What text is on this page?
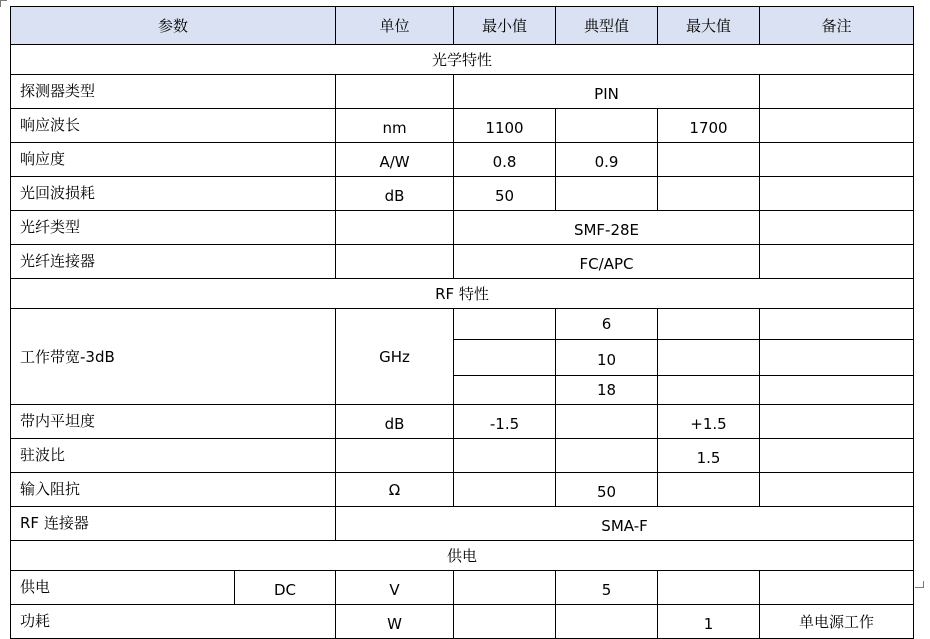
参数		单位	最小值	典型值	最大值	备注
光学特性						
探测器类型			PIN			
响应波长		nm	1100		1700	
响应度		A/W	0.8	0.9		
光回波损耗		dB	50			
光纤类型			SMF-28E			
光纤连接器			FC/APC			
RF 特性						
工作带宽-3dB		GHz		6		
				10		
				18		
带内平坦度		dB	-1.5		+1.5	
驻波比					1.5	
输入阻抗		Ω		50		
RF 连接器		SMA-F				
供电						
供电	DC	V		5		
功耗		W			1	单电源工作
